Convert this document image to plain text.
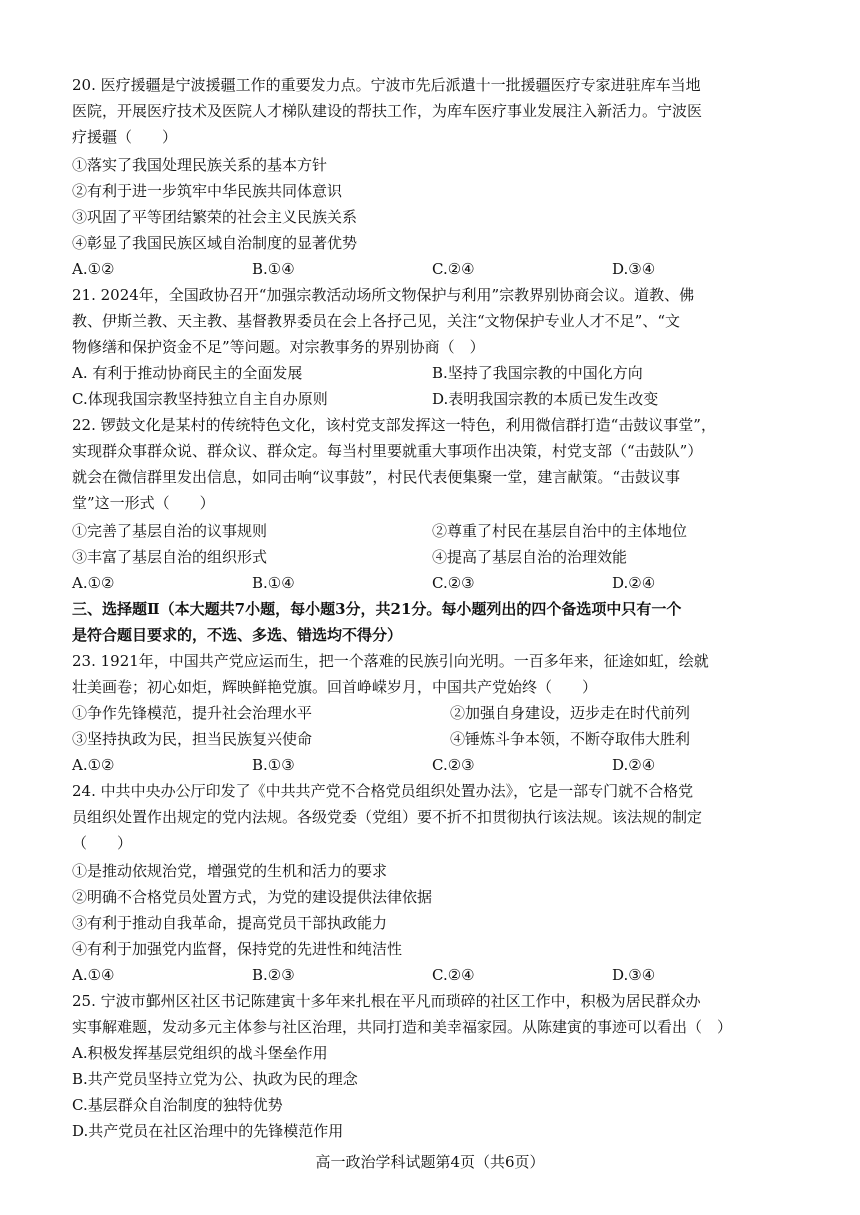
20. 医疗援疆是宁波援疆工作的重要发力点。宁波市先后派遣十一批援疆医疗专家进驻库车当地
医院，开展医疗技术及医院人才梯队建设的帮扶工作，为库车医疗事业发展注入新活力。宁波医
疗援疆（　　）
①落实了我国处理民族关系的基本方针
②有利于进一步筑牢中华民族共同体意识
③巩固了平等团结繁荣的社会主义民族关系
④彰显了我国民族区域自治制度的显著优势
A.①②	B.①④	C.②④	D.③④
21. 2024年，全国政协召开“加强宗教活动场所文物保护与利用”宗教界别协商会议。道教、佛
教、伊斯兰教、天主教、基督教界委员在会上各抒己见，关注“文物保护专业人才不足”、“文
物修缮和保护资金不足”等问题。对宗教事务的界别协商（　）
A. 有利于推动协商民主的全面发展	B.坚持了我国宗教的中国化方向
C.体现我国宗教坚持独立自主自办原则	D.表明我国宗教的本质已发生改变
22. 锣鼓文化是某村的传统特色文化，该村党支部发挥这一特色，利用微信群打造“击鼓议事堂”，
实现群众事群众说、群众议、群众定。每当村里要就重大事项作出决策，村党支部（“击鼓队”）
就会在微信群里发出信息，如同击响“议事鼓”，村民代表便集聚一堂，建言献策。“击鼓议事
堂”这一形式（　　）
①完善了基层自治的议事规则	②尊重了村民在基层自治中的主体地位
③丰富了基层自治的组织形式	④提高了基层自治的治理效能
A.①②	B.①④	C.②③	D.②④
三、选择题Ⅱ（本大题共7小题，每小题3分，共21分。每小题列出的四个备选项中只有一个
是符合题目要求的，不选、多选、错选均不得分）
23. 1921年，中国共产党应运而生，把一个落难的民族引向光明。一百多年来，征途如虹，绘就
壮美画卷；初心如炬，辉映鲜艳党旗。回首峥嵘岁月，中国共产党始终（　　）
①争作先锋模范，提升社会治理水平	②加强自身建设，迈步走在时代前列
③坚持执政为民，担当民族复兴使命	④锤炼斗争本领，不断夺取伟大胜利
A.①②	B.①③	C.②③	D.②④
24. 中共中央办公厅印发了《中共共产党不合格党员组织处置办法》，它是一部专门就不合格党
员组织处置作出规定的党内法规。各级党委（党组）要不折不扣贯彻执行该法规。该法规的制定
（　　）
①是推动依规治党，增强党的生机和活力的要求
②明确不合格党员处置方式，为党的建设提供法律依据
③有利于推动自我革命，提高党员干部执政能力
④有利于加强党内监督，保持党的先进性和纯洁性
A.①④	B.②③	C.②④	D.③④
25. 宁波市鄞州区社区书记陈建寅十多年来扎根在平凡而琐碎的社区工作中，积极为居民群众办
实事解难题，发动多元主体参与社区治理，共同打造和美幸福家园。从陈建寅的事迹可以看出（　）
A.积极发挥基层党组织的战斗堡垒作用
B.共产党员坚持立党为公、执政为民的理念
C.基层群众自治制度的独特优势
D.共产党员在社区治理中的先锋模范作用
高一政治学科试题第4页（共6页）
